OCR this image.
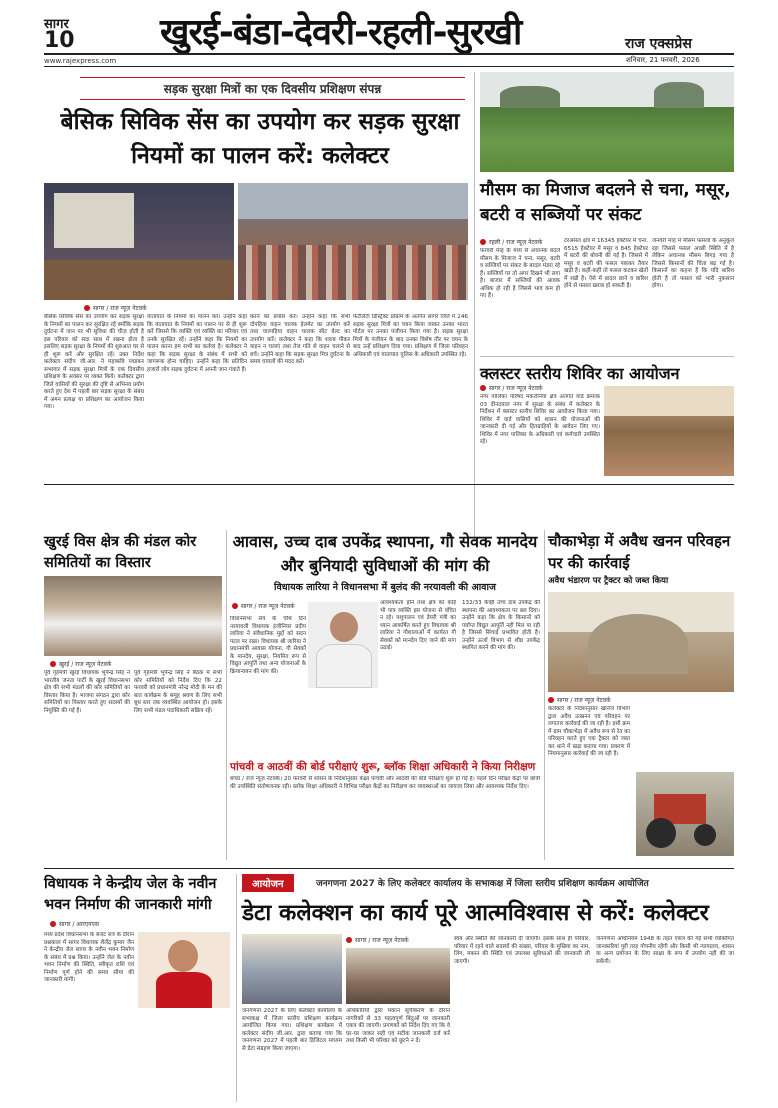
सागर
10 खुरई-बंडा-देवरी-रहली-सुरखी	राज एक्सप्रेस
www.rajexpress.com	शनिवार, 21 फरवरी, 2026
सड़क सुरक्षा मित्रों का एक दिवसीय प्रशिक्षण संपन्न
बेसिक सिविक सेंस का उपयोग कर सड़क सुरक्षा नियमों का पालन करें: कलेक्टर
सागर / राज न्यूज़ नेटवर्क
बेसिक सिविक सेंस का उपयोग कर सड़क सुरक्षा के नियमों का पालन कर सुरक्षित रहें क्योंकि सड़क दुर्घटना में जान पर भी सुविधा की चीज़ होती है इस परिवार को सदा साथ में रखना होता है इसलिए सड़क सुरक्षा के नियमों की शुरुआत घर से ही शुरू करें और सुरक्षित रहें। उक्त निर्देश कलेक्टर संदीप जी.आर. ने महाकवि पद्माकर सभागार में सड़क सुरक्षा मित्रों के एक दिवसीय प्रशिक्षण के अवसर पर व्यक्त किये। कलेक्टर द्वारा जिले वासियों की सुरक्षा की दृष्टि से अभिनव प्रयोग करते हुए देश में पहली बार सड़क सुरक्षा के संबंध में अमन प्रत्यक्ष या प्रशिक्षण का आयोजन किया गया।
यातायात के नियमों का पालन करें। उन्होंने कहा कि यातायात के नियमों का पालन पर से ही शुरू करें जिससे कि व्यक्ति एवं व्यक्ति का परिवार एवं उनके सुरक्षित रहें। उन्होंने कहा कि नियमों का पालन करना हम सभी का कर्तव्य है। कलेक्टर ने कहा कि सड़क सुरक्षा के संबंध में सभी को जागरूक होना चाहिए। उन्होंने कहा कि प्रतिदिन हजारों लोग सड़क दुर्घटना में अपनी जान गंवाते हैं।
करने का प्रयास करें। उन्होंने कहा कि सभी दोपहिया वाहन चालक हेलमेट का उपयोग करें तथा चारपहिया वाहन चालक सीट बेल्ट का उपयोग करें। कलेक्टर ने कहा कि शराब पीकर वाहन न चलाएं तथा तेज गति से वाहन चलाने से बचें। उन्होंने कहा कि सड़क सुरक्षा मित्र दुर्घटना के समय घायलों की मदद करें।
फेटेलिटी डिस्ट्रिक्ट प्रोग्राम के अंतर्गत सागर जिले में 246 सड़क सुरक्षा मित्रों का चयन किया जाकर उनका भारत पोर्टल पर उनका पंजीयन किया गया है। सड़क सुरक्षा मित्रों के पंजीयन के बाद उनका विशेष तौर पर चयन के बाद उन्हें प्रशिक्षण दिया गया। प्रशिक्षण में जिला परिवहन अधिकारी एवं यातायात पुलिस के अधिकारी उपस्थित रहे।
मौसम का मिजाज बदलने से चना, मसूर, बटरी व सब्जियों पर संकट
रहली / राज न्यूज़ नेटवर्क
फरवरी माह के मध्य से अचानक बदले मौसम के मिजाज ने चना, मसूर, बटरी व सब्जियों पर संकट के बादल मंडरा रहे हैं। सब्जियों पर तो अगर दिखने भी लगा है। बाजार में सब्जियों की आवक अधिक हो रही है जिससे भाव कम हो गए हैं।
टरअसल क्षेत्र में 16345 हेक्टेयर में चना, 6515 हेक्टेयर में मसूर व 845 हेक्टेयर में बटरी की बोवनी की गई है। जिससे में मसूर व बटरी की फसल पककर तैयार खड़ी है। कहीं-कहीं तो फसल कटकर खेतों में रखी है। ऐसे में बादल छाने व बारिश होने से फसल खराब हो सकती है।
जनवरी माह में मौसम फसलों के अनुकूल रहा जिससे फसल अच्छी स्थिति में है लेकिन अचानक मौसम बिगड़ गया है जिससे किसानों की चिंता बढ़ गई है। किसानों का कहना है कि यदि बारिश होती है तो फसल को भारी नुकसान होगा।
क्लस्टर स्तरीय शिविर का आयोजन
सागर / राज न्यूज़ नेटवर्क
नगर पालिका परिषद मकरोनिया क्षेत्र अंतर्गत वार्ड क्रमांक 03 दीनदयाल नगर में सुरक्षा के संबंध में कलेक्टर के निर्देशन में क्लस्टर स्तरीय शिविर का आयोजन किया गया। शिविर में वार्ड वासियों को शासन की योजनाओं की जानकारी दी गई और हितग्राहियों के आवेदन लिए गए। शिविर में नगर पालिका के अधिकारी एवं कर्मचारी उपस्थित रहे।
खुरई विस क्षेत्र की मंडल कोर समितियों का विस्तार
खुरई / राज न्यूज़ नेटवर्क
पूर्व गृहमंत्री खुरई विधायक भूपेन्द्र सिंह ने भारतीय जनता पार्टी के खुरई विधानसभा क्षेत्र की सभी मंडलों की कोर समितियों का विस्तार किया है। भाजपा संगठन द्वारा कोर समितियों का विस्तार करते हुए सदस्यों की नियुक्ति की गई है।
पूर्व गृहमंत्री भूपेन्द्र सिंह ने बैठक में सभी कोर समितियों को निर्देश दिए कि 22 फरवरी को प्रधानमंत्री नरेन्द्र मोदी के मन की बात कार्यक्रम के समूह श्रवण के लिए सभी बूथ स्तर तक व्यवस्थित आयोजन हो। इसके लिए सभी मंडल पदाधिकारी सक्रिय रहें।
आवास, उच्च दाब उपकेंद्र स्थापना, गौ सेवक मानदेय और बुनियादी सुविधाओं की मांग की
विधायक लारिया ने विधानसभा में बुलंद की नरयावली की आवाज
सागर / राज न्यूज़ नेटवर्क
विधानसभा सत्र के चौथे दिन नरयावली विधायक इंजीनियर प्रदीप लारिया ने संवैधानिक मुद्दों को सदन पटल पर रखा। विधायक श्री लारिया ने प्रधानमंत्री आवास योजना, गौ सेवकों के मानदेय, सुरक्षा, नियमित रूप से विद्युत आपूर्ति तथा अन्य योजनाओं के क्रियान्वयन की मांग की।
आवश्यकता होने तथा क्षेत्र का कोई भी पात्र व्यक्ति इस योजना से वंचित न रहे। पशुपालन एवं डेयरी मंत्री का ध्यान आकर्षित करते हुए विधायक श्री लारिया ने गौशालाओं में कार्यरत गौ सेवकों को मानदेय दिए जाने की मांग उठाई।
132/33 केव्ही उच्च दाब उपकेंद्र की स्थापना की आवश्यकता पर बल दिया। उन्होंने कहा कि क्षेत्र के किसानों को पर्याप्त विद्युत आपूर्ति नहीं मिल पा रही है जिससे सिंचाई प्रभावित होती है। उन्होंने ऊर्जा विभाग से शीघ्र उपकेंद्र स्थापित करने की मांग की।
चौकाभेड़ा में अवैध खनन परिवहन पर की कार्रवाई
अवैध भंडारण पर ट्रैक्टर को जब्त किया
सागर / राज न्यूज़ नेटवर्क
कलेक्टर के निर्देशानुसार खनिज विभाग द्वारा अवैध उत्खनन एवं परिवहन पर लगातार कार्रवाई की जा रही है। इसी क्रम में ग्राम चौकाभेड़ा में अवैध रूप से रेत का परिवहन करते हुए एक ट्रैक्टर को जब्त कर थाने में खड़ा कराया गया। प्रकरण में नियमानुसार कार्रवाई की जा रही है।
पांचवी व आठवीं की बोर्ड परीक्षाएं शुरू, ब्लॉक शिक्षा अधिकारी ने किया निरीक्षण
बण्डा / राज न्यूज़ नेटवर्क। 20 फरवरी से शासन के निर्देशानुसार कक्षा पांचवी और आठवीं की बोर्ड परीक्षाएं शुरू हो गई हैं। पहले दिन परीक्षा केंद्रों पर छात्रों की उपस्थिति संतोषजनक रही। ब्लॉक शिक्षा अधिकारी ने विभिन्न परीक्षा केंद्रों का निरीक्षण कर व्यवस्थाओं का जायजा लिया और आवश्यक निर्देश दिए।
विधायक ने केन्द्रीय जेल के नवीन भवन निर्माण की जानकारी मांगी
सागर / आरएनएस
मध्य प्रदेश विधानसभा के बजट सत्र के दौरान प्रश्नकाल में सागर विधायक शैलेंद्र कुमार जैन ने केन्द्रीय जेल सागर के नवीन भवन निर्माण के संबंध में प्रश्न किया। उन्होंने जेल के नवीन भवन निर्माण की स्थिति, स्वीकृत राशि एवं निर्माण पूर्ण होने की समय सीमा की जानकारी मांगी।
आयोजन	जनगणना 2027 के लिए कलेक्टर कार्यालय के सभाकक्ष में जिला स्तरीय प्रशिक्षण कार्यक्रम आयोजित
डेटा कलेक्शन का कार्य पूरे आत्मविश्वास से करें: कलेक्टर
सागर / राज न्यूज़ नेटवर्क
जनगणना 2027 के लिए कलेक्टर कार्यालय के सभाकक्ष में जिला स्तरीय प्रशिक्षण कार्यक्रम आयोजित किया गया। प्रशिक्षण कार्यक्रम में कलेक्टर संदीप जी.आर. द्वारा बताया गया कि जनगणना 2027 में पहली बार डिजिटल माध्यम से डेटा संग्रहण किया जाएगा।
अधिकारियों द्वारा मकान सूचीकरण के दौरान नागरिकों से 33 महत्वपूर्ण बिंदुओं पर जानकारी एकत्र की जाएगी। प्रगणकों को निर्देश दिए गए कि वे घर-घर जाकर सही एवं सटीक जानकारी दर्ज करें तथा किसी भी परिवार को छूटने न दें।
स्वयं और स्थिति की जानकारी दी जाएगी। इसके साथ ही परिवार, परिवार में रहने वाले सदस्यों की संख्या, परिवार के मुखिया का नाम, लिंग, मकान की स्थिति एवं उपलब्ध सुविधाओं की जानकारी ली जाएगी।
जनगणना अधिनियम 1948 के तहत एकत्र की गई सभी व्यक्तिगत जानकारियां पूरी तरह गोपनीय रहेंगी और किसी भी न्यायालय, शासन या अन्य प्रयोजन के लिए साक्ष्य के रूप में उपयोग नहीं की जा सकेंगी।
